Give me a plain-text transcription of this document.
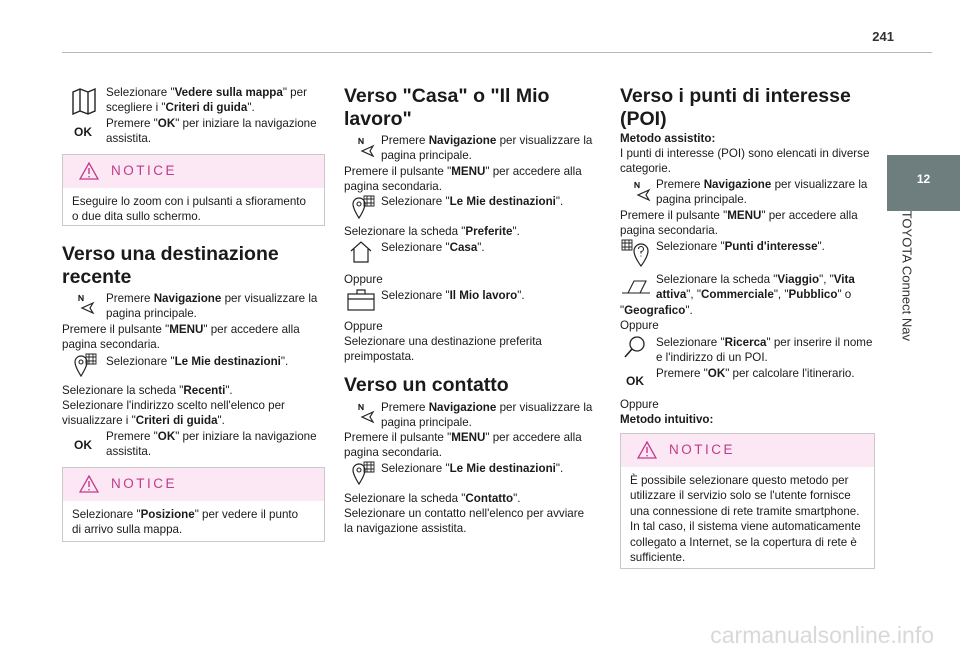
241
12
TOYOTA Connect Nav
Selezionare "Vedere sulla mappa" per
scegliere i "Criteri di guida".
OK
Premere "OK" per iniziare la navigazione
assistita.
NOTICE
Eseguire lo zoom con i pulsanti a sfioramento
o due dita sullo schermo.
Verso una destinazione
recente
Premere Navigazione per visualizzare la
pagina principale.
Premere il pulsante "MENU" per accedere alla
pagina secondaria.
Selezionare "Le Mie destinazioni".
Selezionare la scheda "Recenti".
Selezionare l'indirizzo scelto nell'elenco per
visualizzare i "Criteri di guida".
OK
Premere "OK" per iniziare la navigazione
assistita.
NOTICE
Selezionare "Posizione" per vedere il punto
di arrivo sulla mappa.
Verso "Casa" o "Il Mio
lavoro"
Premere Navigazione per visualizzare la
pagina principale.
Premere il pulsante "MENU" per accedere alla
pagina secondaria.
Selezionare "Le Mie destinazioni".
Selezionare la scheda "Preferite".
Selezionare "Casa".
Oppure
Selezionare "Il Mio lavoro".
Oppure
Selezionare una destinazione preferita
preimpostata.
Verso un contatto
Premere Navigazione per visualizzare la
pagina principale.
Premere il pulsante "MENU" per accedere alla
pagina secondaria.
Selezionare "Le Mie destinazioni".
Selezionare la scheda "Contatto".
Selezionare un contatto nell'elenco per avviare
la navigazione assistita.
Verso i punti di interesse
(POI)
Metodo assistito:
I punti di interesse (POI) sono elencati in diverse
categorie.
Premere Navigazione per visualizzare la
pagina principale.
Premere il pulsante "MENU" per accedere alla
pagina secondaria.
Selezionare "Punti d'interesse".
Selezionare la scheda "Viaggio", "Vita
attiva", "Commerciale", "Pubblico" o
"Geografico".
Oppure
Selezionare "Ricerca" per inserire il nome
e l'indirizzo di un POI.
OK
Premere "OK" per calcolare l'itinerario.
Oppure
Metodo intuitivo:
NOTICE
È possibile selezionare questo metodo per
utilizzare il servizio solo se l'utente fornisce
una connessione di rete tramite smartphone.
In tal caso, il sistema viene automaticamente
collegato a Internet, se la copertura di rete è
sufficiente.
carmanualsonline.info
